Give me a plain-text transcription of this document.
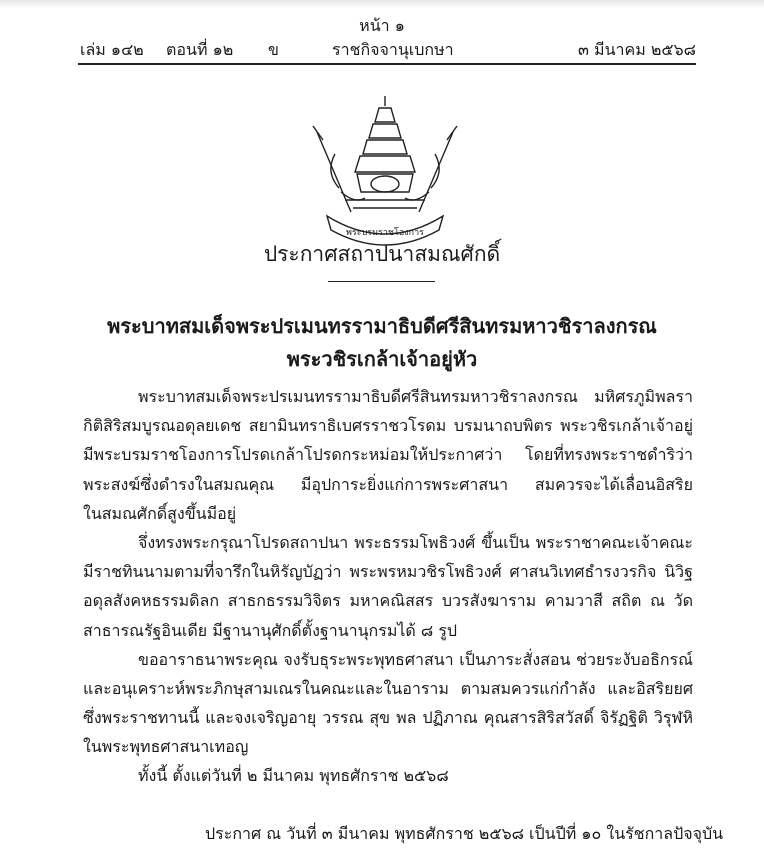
หน้า ๑
เล่ม ๑๔๒ ตอนที่ ๑๒ ข	ราชกิจจานุเบกษา	๓ มีนาคม ๒๕๖๘
พระบรมราชโองการ
ประกาศสถาปนาสมณศักดิ์
พระบาทสมเด็จพระปรเมนทรรามาธิบดีศรีสินทรมหาวชิราลงกรณ
พระวชิรเกล้าเจ้าอยู่หัว
พระบาทสมเด็จพระปรเมนทรรามาธิบดีศรีสินทรมหาวชิราลงกรณ มหิศรภูมิพลรา
กิติสิริสมบูรณอดุลยเดช สยามินทราธิเบศรราชวโรดม บรมนาถบพิตร พระวชิรเกล้าเจ้าอยู่
มีพระบรมราชโองการโปรดเกล้าโปรดกระหม่อมให้ประกาศว่า โดยที่ทรงพระราชดำริว่า
พระสงฆ์ซึ่งดำรงในสมณคุณ มีอุปการะยิ่งแก่การพระศาสนา สมควรจะได้เลื่อนอิสริย
ในสมณศักดิ์สูงขึ้นมีอยู่
จึ่งทรงพระกรุณาโปรดสถาปนา พระธรรมโพธิวงศ์ ขึ้นเป็น พระราชาคณะเจ้าคณะ
มีราชทินนามตามที่จารึกในหิรัญบัฏว่า พระพรหมวชิรโพธิวงศ์ ศาสนวิเทศธำรงวรกิจ นิวิฐ
อดุลสังคหธรรมดิลก สาธกธรรมวิจิตร มหาคณิสสร บวรสังฆาราม คามวาสี สถิต ณ วัด
สาธารณรัฐอินเดีย มีฐานานุศักดิ์ตั้งฐานานุกรมได้ ๘ รูป
ขออาราธนาพระคุณ จงรับธุระพระพุทธศาสนา เป็นภาระสั่งสอน ช่วยระงับอธิกรณ์
และอนุเคราะห์พระภิกษุสามเณรในคณะและในอาราม ตามสมควรแก่กำลัง และอิสริยยศ
ซึ่งพระราชทานนี้ และจงเจริญอายุ วรรณ สุข พล ปฏิภาณ คุณสารสิริสวัสดิ์ จิรัฏฐิติ วิรุฬหิ
ในพระพุทธศาสนาเทอญ
ทั้งนี้ ตั้งแต่วันที่ ๒ มีนาคม พุทธศักราช ๒๕๖๘
ประกาศ ณ วันที่ ๓ มีนาคม พุทธศักราช ๒๕๖๘ เป็นปีที่ ๑๐ ในรัชกาลปัจจุบัน
